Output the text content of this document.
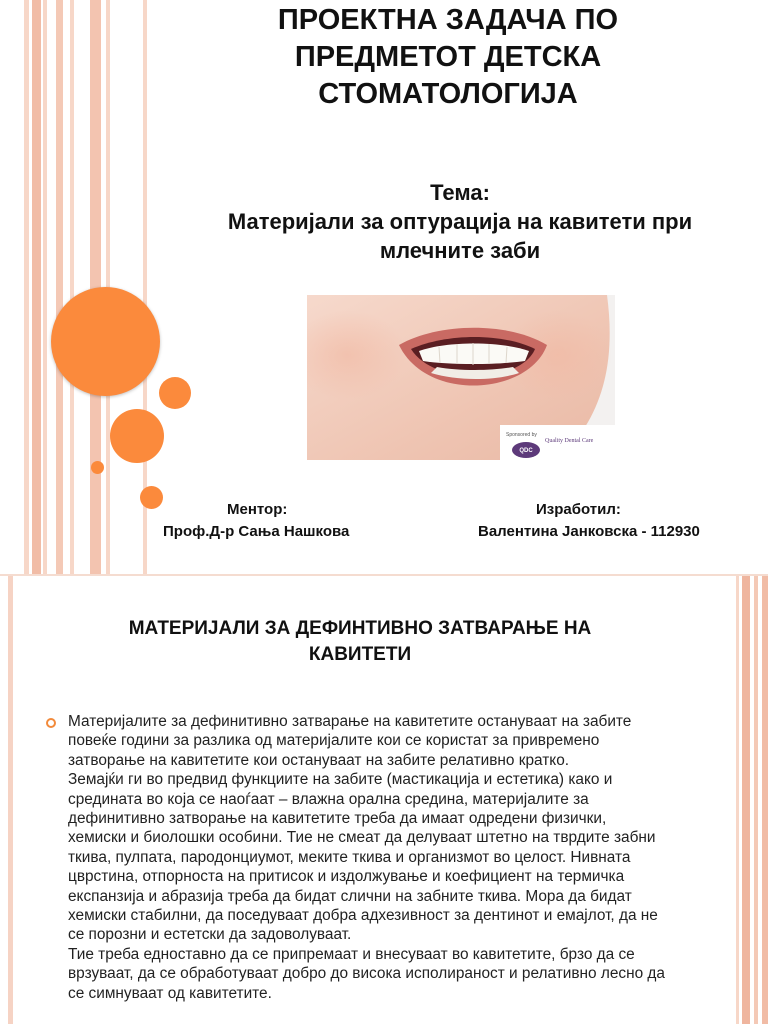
ПРОЕКТНА ЗАДАЧА ПО ПРЕДМЕТОТ ДЕТСКА СТОМАТОЛОГИЈА
Тема:
Материјали за оптурација на кавитети при млечните заби
Sponsored by
QDC
Quality Dental Care
Ментор:
Проф.Д-р Сања Нашкова
Изработил:
Валентина Јанковска - 112930
МАТЕРИЈАЛИ ЗА ДЕФИНТИВНО ЗАТВАРАЊЕ НА КАВИТЕТИ

Материјалите за дефинитивно затварање на кавитетите останувaат на забите повеќе години за разлика од материјалите кои се користат за привремено затворање на кавитетите кои остануваат на забите релативно кратко.

Земајќи ги во предвид функциите на забите (мастикација и естетика) како и средината во која се наоѓаат – влажна орална средина, материјалите за дефинитивно затворање на кавитетите треба да имаат одредени физички, хемиски и биолошки особини. Тие не смеат да делуваат штетно на тврдите забни ткива, пулпата, пародонциумот, меките ткива и организмот во целост. Нивната цврстина, отпорноста на притисок и издолжување и коефициент на термичка експанзија и абразија треба да бидат слични на забните ткива. Мора да бидат хемиски стабилни, да поседуваат добра адхезивност за дентинот и емајлот, да не се порозни и естетски да задоволуваат.

Тие треба едноставно да се припремаат и внесуваат во кавитетите, брзо да се врзуваат, да се обработуваат добро до висока исполираност и релативно лесно да се симнуваат од кавитетите.
